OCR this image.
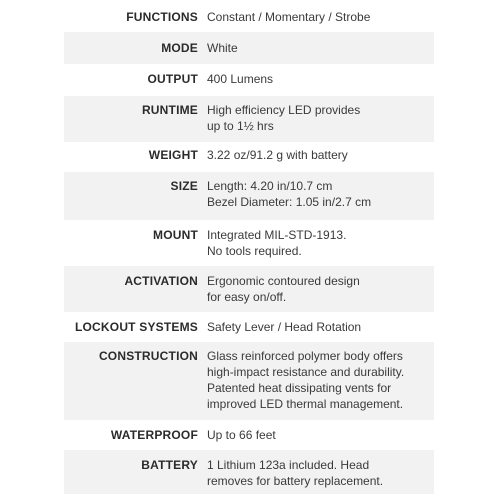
FUNCTIONS Constant / Momentary / Strobe
MODE White
OUTPUT 400 Lumens
RUNTIME High efficiency LED provides
up to 1½ hrs
WEIGHT 3.22 oz/91.2 g with battery
SIZE Length: 4.20 in/10.7 cm
Bezel Diameter: 1.05 in/2.7 cm
MOUNT Integrated MIL-STD-1913.
No tools required.
ACTIVATION Ergonomic contoured design
for easy on/off.
LOCKOUT SYSTEMS Safety Lever / Head Rotation
CONSTRUCTION Glass reinforced polymer body offers
high-impact resistance and durability.
Patented heat dissipating vents for
improved LED thermal management.
WATERPROOF Up to 66 feet
BATTERY 1 Lithium 123a included. Head
removes for battery replacement.
